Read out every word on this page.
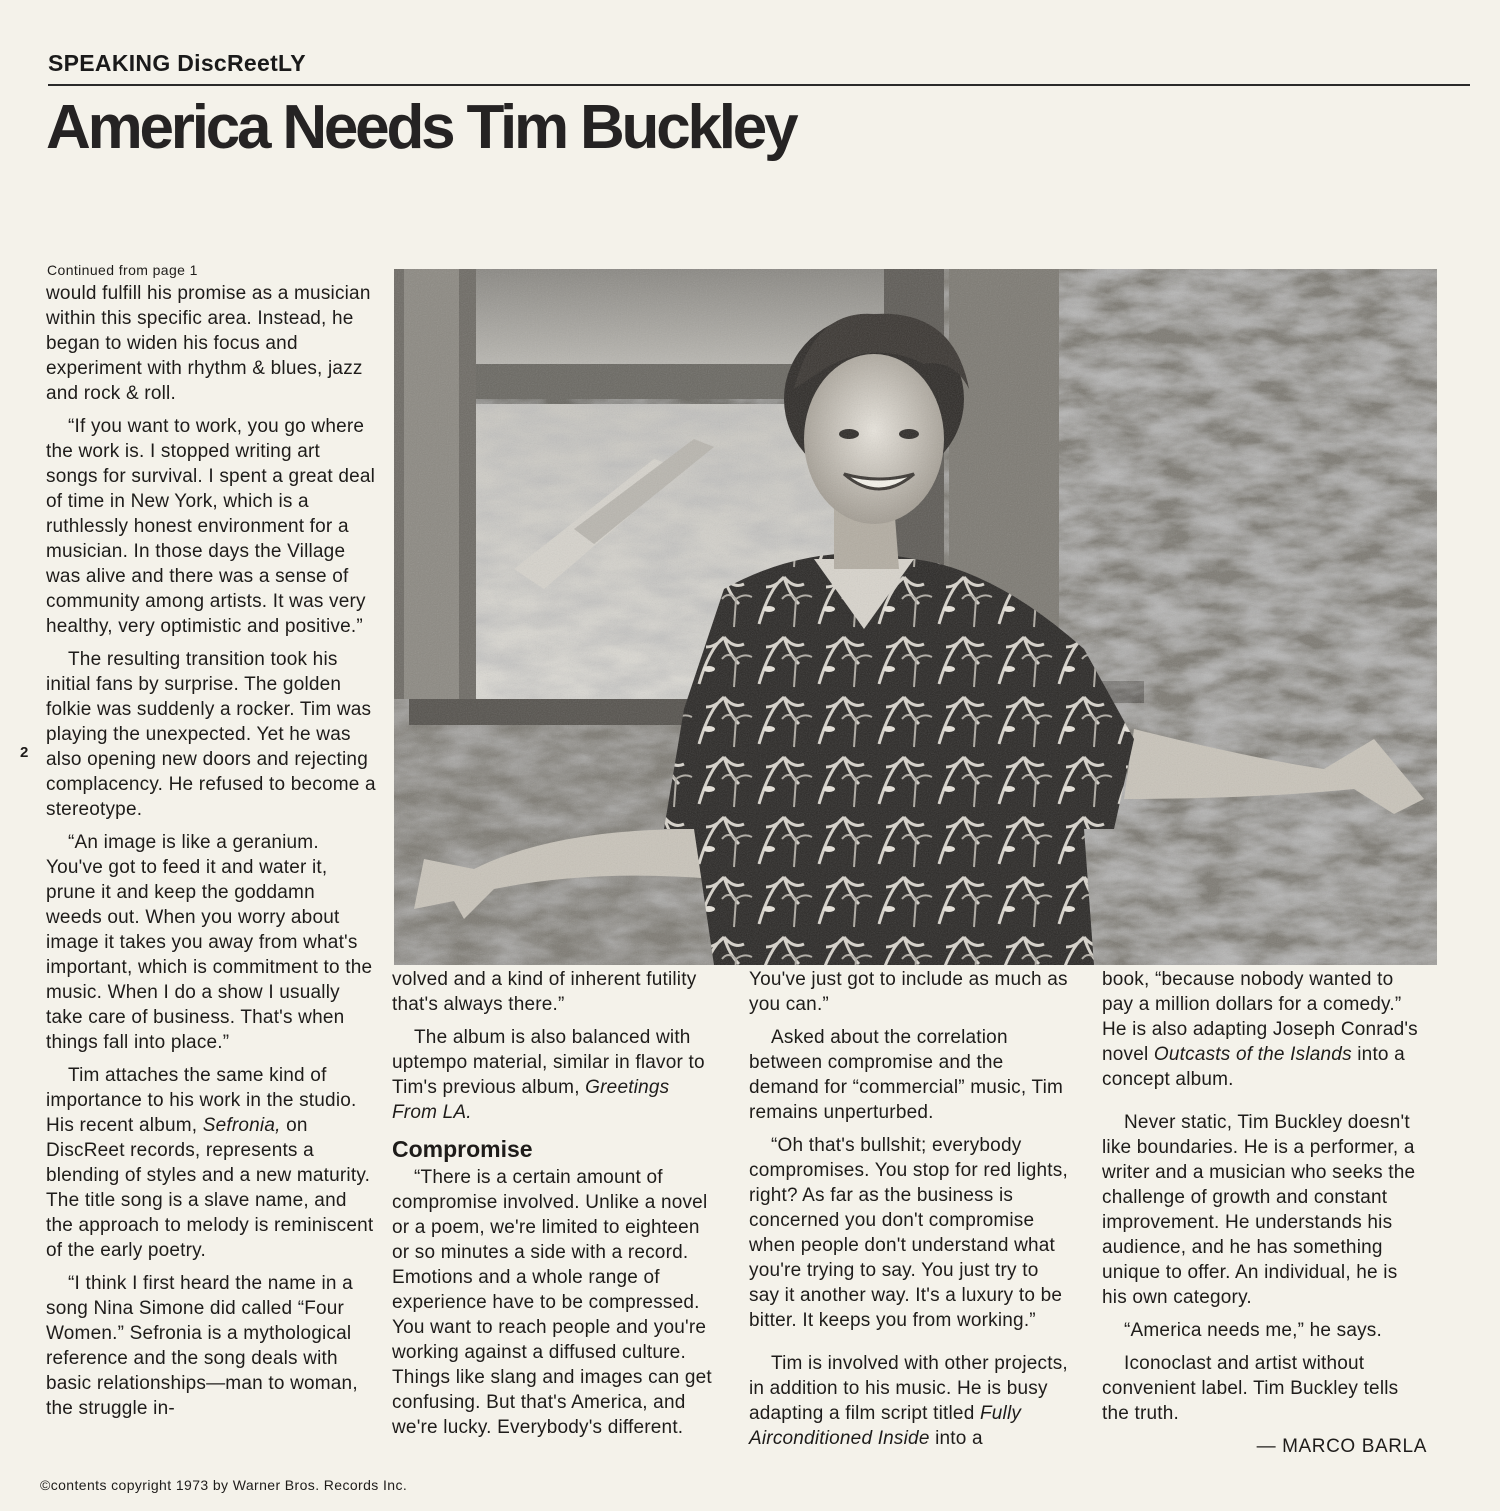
SPEAKING DiscReetLY
America Needs Tim Buckley
Continued from page 1
2

would fulfill his promise as a musician within this specific area. Instead, he began to widen his focus and experiment with rhythm & blues, jazz and rock & roll.

“If you want to work, you go where the work is. I stopped writing art songs for survival. I spent a great deal of time in New York, which is a ruthlessly honest environment for a musician. In those days the Village was alive and there was a sense of community among artists. It was very healthy, very optimistic and positive.”

The resulting transition took his initial fans by surprise. The golden folkie was suddenly a rocker. Tim was playing the unexpected. Yet he was also opening new doors and rejecting complacency. He refused to become a stereotype.

“An image is like a geranium. You've got to feed it and water it, prune it and keep the goddamn weeds out. When you worry about image it takes you away from what's important, which is commitment to the music. When I do a show I usually take care of business. That's when things fall into place.”

Tim attaches the same kind of importance to his work in the studio. His recent album, Sefronia, on DiscReet records, represents a blending of styles and a new maturity. The title song is a slave name, and the approach to melody is reminiscent of the early poetry.

“I think I first heard the name in a song Nina Simone did called “Four Women.” Sefronia is a mythological reference and the song deals with basic relationships—man to woman, the struggle in-

volved and a kind of inherent futility that's always there.”

The album is also balanced with uptempo material, similar in flavor to Tim's previous album, Greetings From LA.

Compromise

“There is a certain amount of compromise involved. Unlike a novel or a poem, we're limited to eighteen or so minutes a side with a record. Emotions and a whole range of experience have to be compressed. You want to reach people and you're working against a diffused culture. Things like slang and images can get confusing. But that's America, and we're lucky. Everybody's different.

You've just got to include as much as you can.”

Asked about the correlation between compromise and the demand for “commercial” music, Tim remains unperturbed.

“Oh that's bullshit; everybody compromises. You stop for red lights, right? As far as the business is concerned you don't compromise when people don't understand what you're trying to say. You just try to say it another way. It's a luxury to be bitter. It keeps you from working.”

Tim is involved with other projects, in addition to his music. He is busy adapting a film script titled Fully Airconditioned Inside into a

book, “because nobody wanted to pay a million dollars for a comedy.” He is also adapting Joseph Conrad's novel Outcasts of the Islands into a concept album.

Never static, Tim Buckley doesn't like boundaries. He is a performer, a writer and a musician who seeks the challenge of growth and constant improvement. He understands his audience, and he has something unique to offer. An individual, he is his own category.

“America needs me,” he says.

Iconoclast and artist without convenient label. Tim Buckley tells the truth.

— MARCO BARLA
©contents copyright 1973 by Warner Bros. Records Inc.
